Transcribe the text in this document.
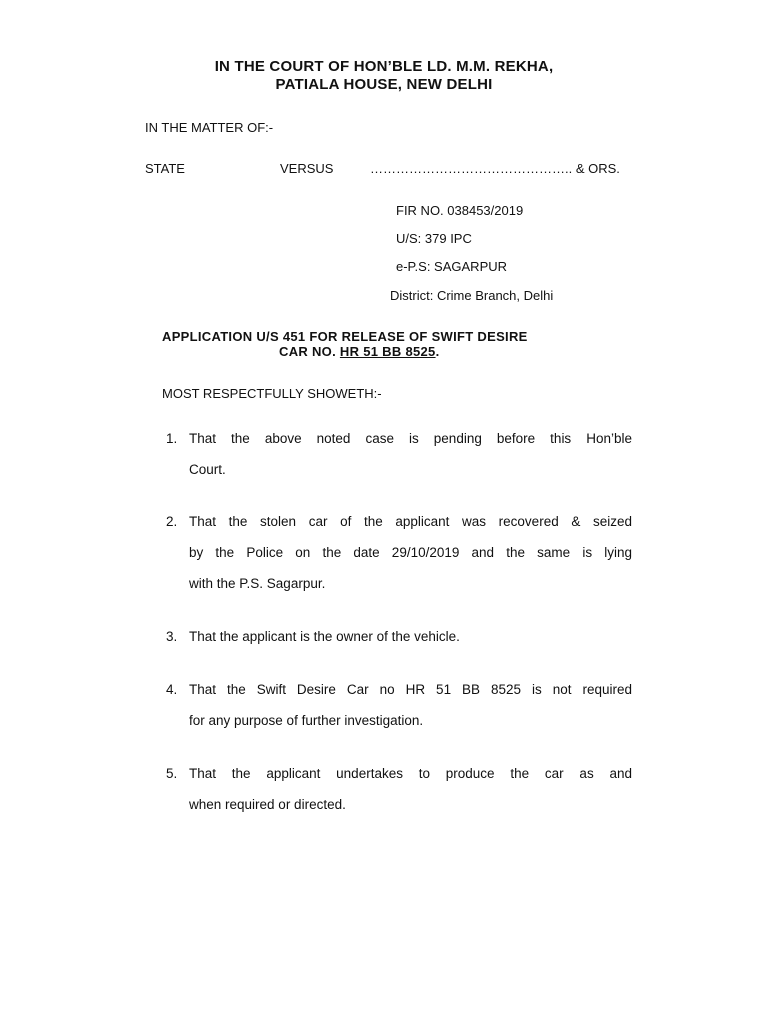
IN THE COURT OF HON’BLE LD. M.M. REKHA,
PATIALA HOUSE, NEW DELHI
IN THE MATTER OF:-
STATE	VERSUS	……………………………………….. & ORS.
FIR NO. 038453/2019
U/S: 379 IPC
e-P.S: SAGARPUR
District: Crime Branch, Delhi
APPLICATION U/S 451 FOR RELEASE OF SWIFT DESIRE
CAR NO. HR 51 BB 8525.
MOST RESPECTFULLY SHOWETH:-
1. That the above noted case is pending before this Hon’ble
Court.
2. That the stolen car of the applicant was recovered & seized
by the Police on the date 29/10/2019 and the same is lying
with the P.S. Sagarpur.
3. That the applicant is the owner of the vehicle.
4. That the Swift Desire Car no HR 51 BB 8525 is not required
for any purpose of further investigation.
5. That the applicant undertakes to produce the car as and
when required or directed.
